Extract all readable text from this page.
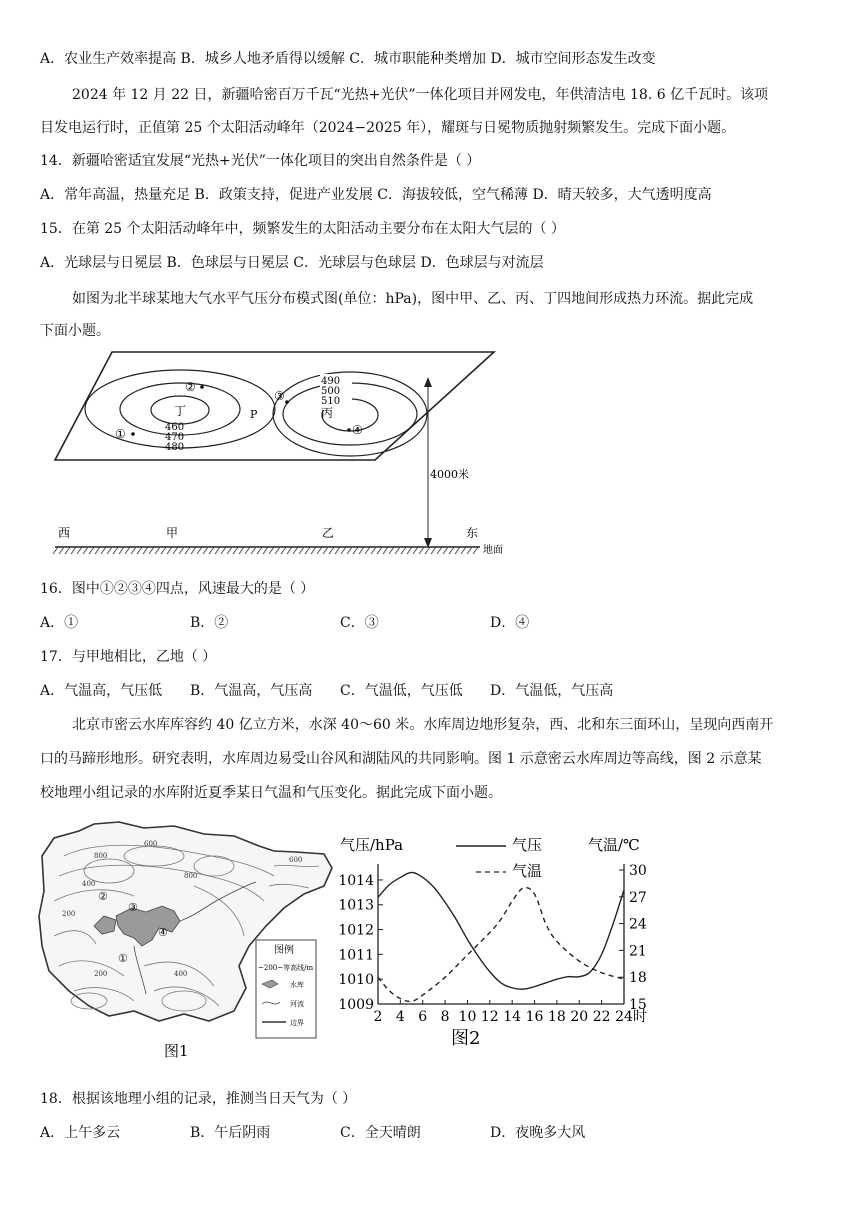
A．农业生产效率提高 B．城乡人地矛盾得以缓解 C．城市职能种类增加 D．城市空间形态发生改变
2024 年 12 月 22 日，新疆哈密百万千瓦“光热+光伏”一体化项目并网发电，年供清洁电 18. 6 亿千瓦时。该项
目发电运行时，正值第 25 个太阳活动峰年（2024−2025 年），耀斑与日冕物质抛射频繁发生。完成下面小题。
14．新疆哈密适宜发展“光热+光伏”一体化项目的突出自然条件是（ ）
A．常年高温，热量充足 B．政策支持，促进产业发展 C．海拔较低，空气稀薄 D．晴天较多，大气透明度高
15．在第 25 个太阳活动峰年中，频繁发生的太阳活动主要分布在太阳大气层的（ ）
A．光球层与日冕层 B．色球层与日冕层 C．光球层与色球层 D．色球层与对流层
如图为北半球某地大气水平气压分布模式图(单位：hPa)，图中甲、乙、丙、丁四地间形成热力环流。据此完成
下面小题。
丁
460
470
480
②
①
P
490
500
510
丙
③
④
4000米
西	甲	乙	东
地面
16．图中①②③④四点，风速最大的是（ ）
A．①	B．②	C．③	D．④
17．与甲地相比，乙地（ ）
A．气温高，气压低 B．气温高，气压高 C．气温低，气压低 D．气温低，气压高
北京市密云水库库容约 40 亿立方米，水深 40～60 米。水库周边地形复杂，西、北和东三面环山，呈现向西南开
口的马蹄形地形。研究表明，水库周边易受山谷风和湖陆风的共同影响。图 1 示意密云水库周边等高线，图 2 示意某
校地理小组记录的水库附近夏季某日气温和气压变化。据此完成下面小题。
800
600
400
200
800
400
200
600
②
③
①
④
图例
~200~等高线/m
水库
河流
边界
图1
气压/hPa	气温/℃
气压
气温
1009
1010
1011
1012
1013
1014
15
18
21
24
27
30
2 4 6 8 10 12 14 16 18 20 22 24 时
图2
18．根据该地理小组的记录，推测当日天气为（ ）
A．上午多云	B．午后阴雨	C．全天晴朗	D．夜晚多大风
